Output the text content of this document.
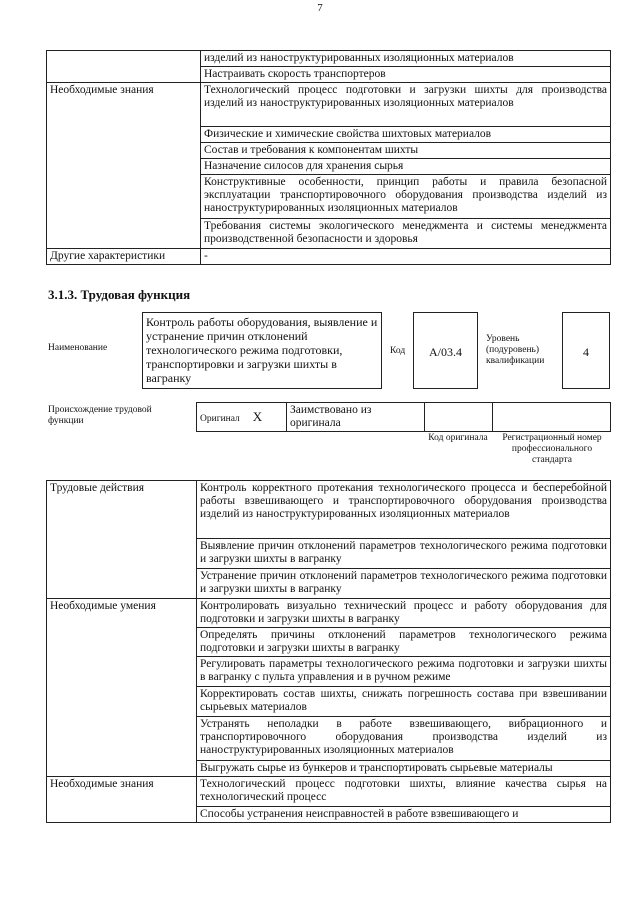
7
	изделий из наноструктурированных изоляционных материалов
	Настраивать скорость транспортеров
Необходимые знания	Технологический процесс подготовки и загрузки шихты для производства изделий из наноструктурированных изоляционных материалов
	Физические и химические свойства шихтовых материалов
	Состав и требования к компонентам шихты
	Назначение силосов для хранения сырья
	Конструктивные особенности, принцип работы и правила безопасной эксплуатации транспортировочного оборудования производства изделий из наноструктурированных изоляционных материалов
	Требования системы экологического менеджмента и системы менеджмента производственной безопасности и здоровья
Другие характеристики	-
3.1.3. Трудовая функция
Наименование
Контроль работы оборудования, выявление и устранение причин отклонений технологического режима подготовки, транспортировки и загрузки шихты в вагранку
Код	А/03.4
Уровень (подуровень) квалификации
4
Происхождение трудовой функции	Оригинал X	Заимствовано из оригинала		
Код оригинала	Регистрационный номер профессионального стандарта
Трудовые действия	Контроль корректного протекания технологического процесса и бесперебойной работы взвешивающего и транспортировочного оборудования производства изделий из наноструктурированных изоляционных материалов
	Выявление причин отклонений параметров технологического режима подготовки и загрузки шихты в вагранку
	Устранение причин отклонений параметров технологического режима подготовки и загрузки шихты в вагранку
Необходимые умения	Контролировать визуально технический процесс и работу оборудования для подготовки и загрузки шихты в вагранку
	Определять причины отклонений параметров технологического режима подготовки и загрузки шихты в вагранку
	Регулировать параметры технологического режима подготовки и загрузки шихты в вагранку с пульта управления и в ручном режиме
	Корректировать состав шихты, снижать погрешность состава при взвешивании сырьевых материалов
	Устранять неполадки в работе взвешивающего, вибрационного и транспортировочного оборудования производства изделий из наноструктурированных изоляционных материалов
	Выгружать сырье из бункеров и транспортировать сырьевые материалы
Необходимые знания	Технологический процесс подготовки шихты, влияние качества сырья на технологический процесс
	Способы устранения неисправностей в работе взвешивающего и
